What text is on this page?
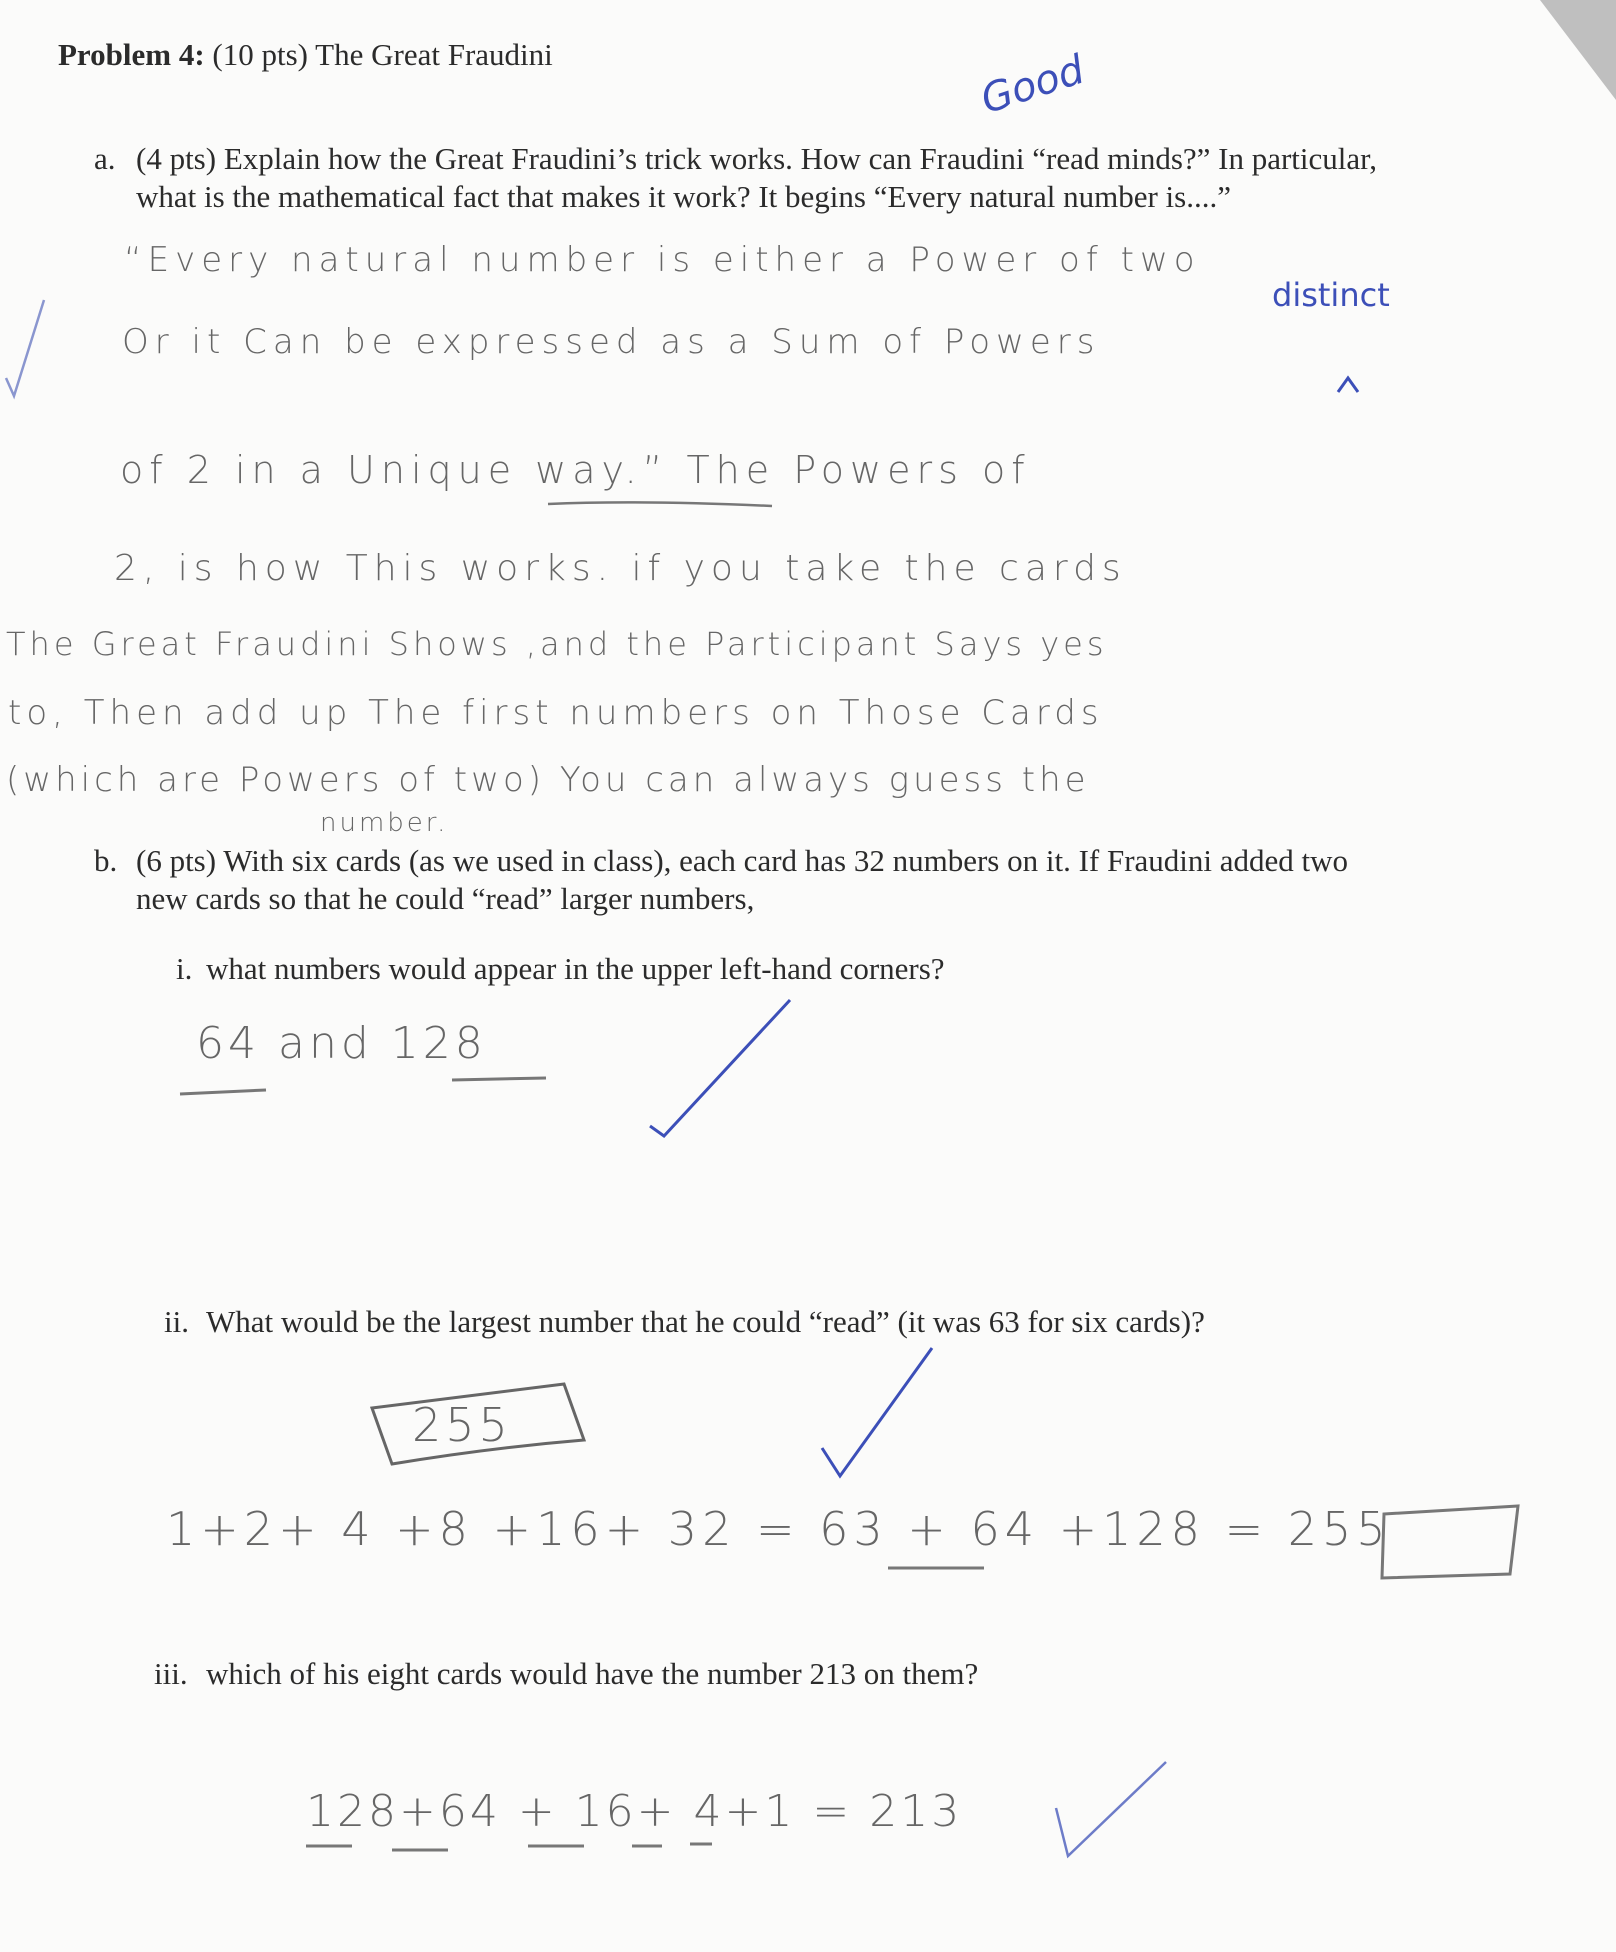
Problem 4: (10 pts) The Great Fraudini
a. (4 pts) Explain how the Great Fraudini’s trick works. How can Fraudini “read minds?” In particular,
what is the mathematical fact that makes it work? It begins “Every natural number is....”
“Every natural number is either a Power of two
Or it Can be expressed as a Sum of Powers
of 2 in a Unique way.” The Powers of
2, is how This works. if you take the cards
The Great Fraudini Shows ,and the Participant Says yes
to, Then add up The first numbers on Those Cards
(which are Powers of two) You can always guess the
number.
distinct
Good
b. (6 pts) With six cards (as we used in class), each card has 32 numbers on it. If Fraudini added two
new cards so that he could “read” larger numbers,
i. what numbers would appear in the upper left-hand corners?
64 and 128
ii. What would be the largest number that he could “read” (it was 63 for six cards)?
255
1+2+ 4 +8 +16+ 32 = 63 + 64 +128 = 255
iii. which of his eight cards would have the number 213 on them?
128+64 + 16+ 4+1 = 213
